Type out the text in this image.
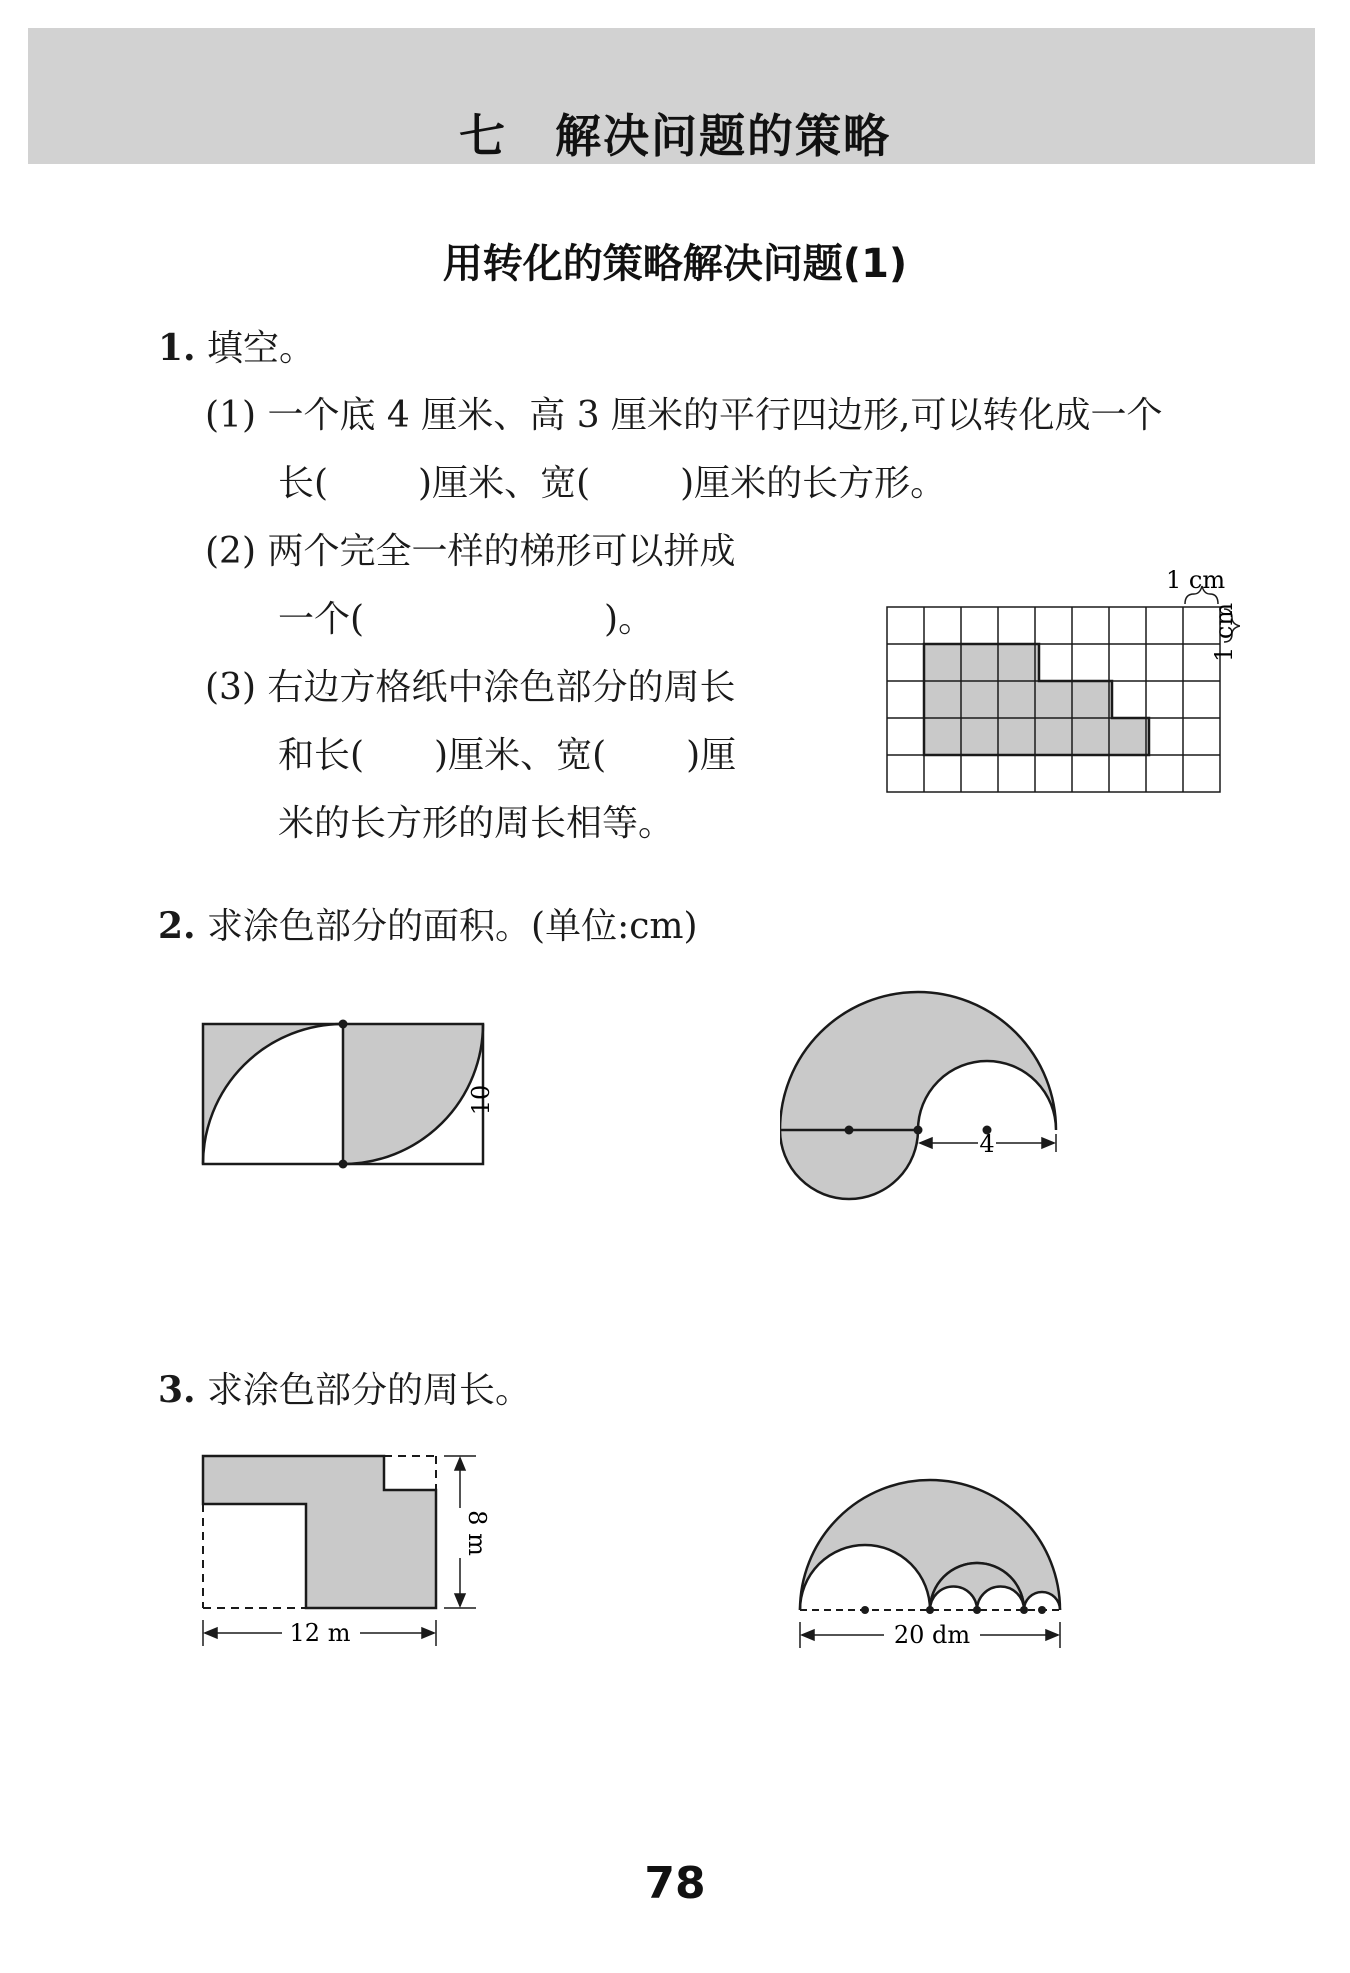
七 解决问题的策略
用转化的策略解决问题(1)
1. 填空。
(1) 一个底 4 厘米、高 3 厘米的平行四边形,可以转化成一个
长(	)厘米、宽(	)厘米的长方形。
(2) 两个完全一样的梯形可以拼成
一个(	)。
(3) 右边方格纸中涂色部分的周长
和长( )厘米、宽( )厘
米的长方形的周长相等。
1 cm
1 cm
2. 求涂色部分的面积。(单位:cm)
10
4
3. 求涂色部分的周长。
8 m
12 m	20 dm
78
